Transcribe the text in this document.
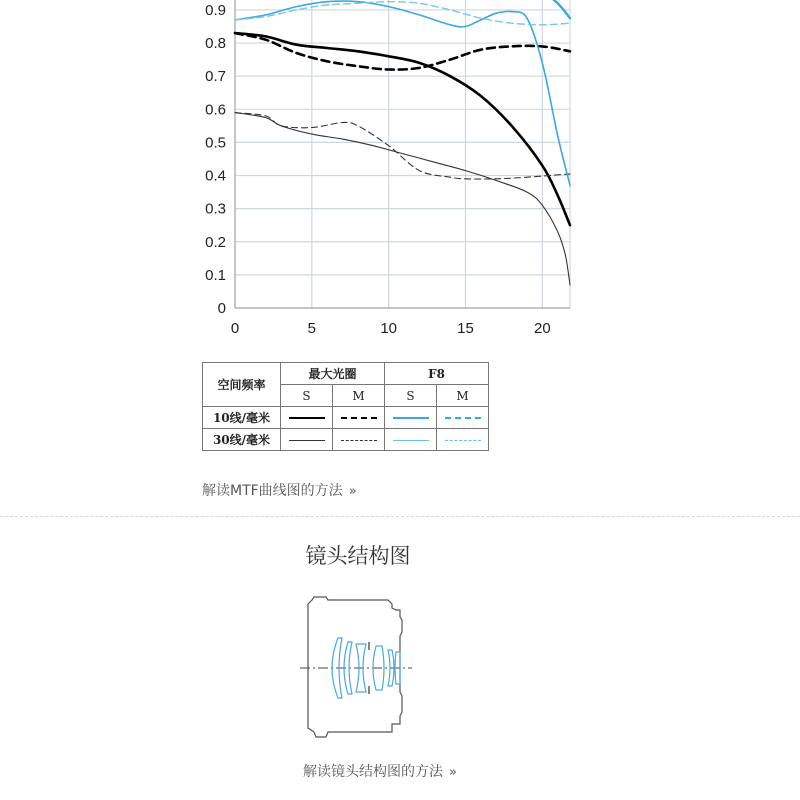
0	5	10	15	20
0
0.1
0.2
0.3
0.4
0.5
0.6
0.7
0.8
0.9
空间频率	最大光圈		F8	
	S	M	S	M
10线/毫米				
30线/毫米				
解读MTF曲线图的方法 »
镜头结构图
解读镜头结构图的方法 »
